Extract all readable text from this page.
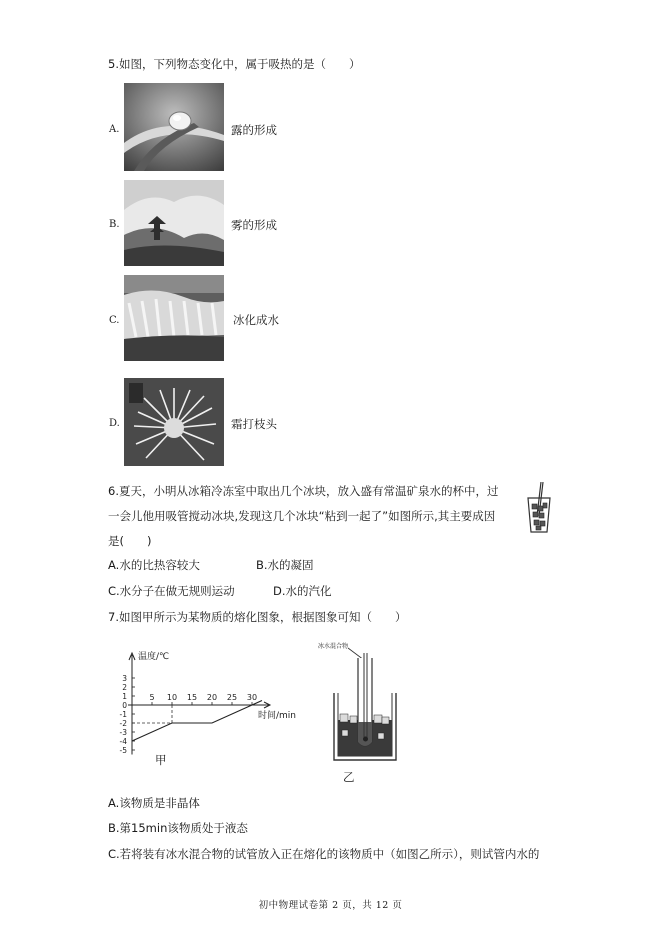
5.如图，下列物态变化中，属于吸热的是（　　）
A.	露的形成
B.	雾的形成
C.	冰化成水
D.	霜打枝头
6.夏天，小明从冰箱冷冻室中取出几个冰块，放入盛有常温矿泉水的杯中，过
一会儿他用吸管搅动冰块,发现这几个冰块“粘到一起了”如图所示,其主要成因
是(　　)
A.水的比热容较大	B.水的凝固
C.水分子在做无规则运动	D.水的汽化
7.如图甲所示为某物质的熔化图象，根据图象可知（　　）
5 10 15 20 25 30
3
2
1
0
-1
-2
-3
-4
-5
温度/℃
时间/min
甲
冰水混合物
乙
A.该物质是非晶体
B.第15min该物质处于液态
C.若将装有冰水混合物的试管放入正在熔化的该物质中（如图乙所示），则试管内水的
初中物理试卷第 2 页，共 12 页
